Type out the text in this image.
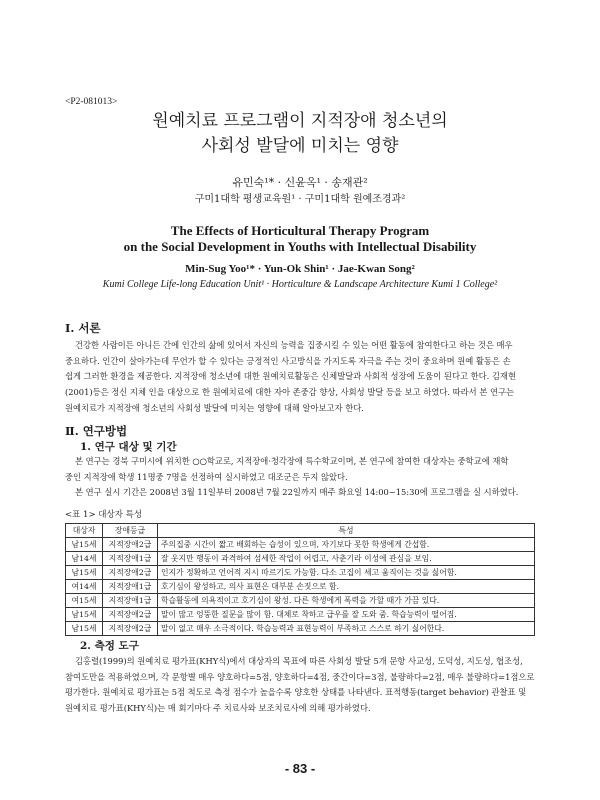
<P2-081013>
원예치료 프로그램이 지적장애 청소년의
사회성 발달에 미치는 영향
유민숙¹* · 신윤옥¹ · 송재관²
구미1대학 평생교육원¹ · 구미1대학 원예조경과²
The Effects of Horticultural Therapy Program
on the Social Development in Youths with Intellectual Disability
Min-Sug Yoo¹* · Yun-Ok Shin¹ · Jae-Kwan Song²
Kumi College Life-long Education Unit¹ · Horticulture & Landscape Architecture Kumi 1 College²
Ⅰ. 서론
건강한 사람이든 아니든 간에 인간의 삶에 있어서 자신의 능력을 집중시킬 수 있는 어떤 활동에 참여한다고 하는 것은 매우
중요하다. 인간이 살아가는데 무언가 할 수 있다는 긍정적인 사고방식을 가지도록 자극을 주는 것이 중요하며 원예 활동은 손
쉽게 그러한 환경을 제공한다. 지적장애 청소년에 대한 원예치료활동은 신체발달과 사회적 성장에 도움이 된다고 한다. 김재현
(2001)등은 정신 지체 인을 대상으로 한 원예치료에 대한 자아 존중감 향상, 사회성 발달 등을 보고 하였다. 따라서 본 연구는
원예치료가 지적장애 청소년의 사회성 발달에 미치는 영향에 대해 알아보고자 한다.
Ⅱ. 연구방법
1. 연구 대상 및 기간
본 연구는 경북 구미시에 위치한 ○○학교로, 지적장애·청각장애 특수학교이며, 본 연구에 참여한 대상자는 중학교에 재학
중인 지적장애 학생 11명중 7명을 선정하여 실시하였고 대조군은 두지 않았다.
본 연구 실시 기간은 2008년 3월 11일부터 2008년 7월 22일까지 매주 화요일 14:00~15:30에 프로그램을 실 시하였다.
<표 1> 대상자 특성
대상자	장애등급	특성
남15세	지적장애2급	주의집중 시간이 짧고 배회하는 습성이 있으며, 자기보다 못한 학생에게 간섭함.
남14세	지적장애1급	잘 웃지만 행동이 과격하여 섬세한 작업이 어렵고, 사춘기라 이성에 관심을 보임.
남15세	지적장애2급	인지가 정확하고 언어적 지시 따르기도 가능함. 다소 고집이 세고 움직이는 것을 싫어함.
여14세	지적장애1급	호기심이 왕성하고, 의사 표현은 대부분 손짓으로 함.
여15세	지적장애1급	학습활동에 의욕적이고 호기심이 왕성. 다른 학생에게 폭력을 가할 때가 가끔 있다.
남15세	지적장애2급	말이 많고 엉뚱한 질문을 많이 함. 대체로 착하고 급우를 잘 도와 줌. 학습능력이 떨어짐.
남15세	지적장애2급	말이 없고 매우 소극적이다. 학습능력과 표현능력이 부족하고 스스로 하기 싫어한다.
2. 측정 도구
김홍렬(1999)의 원예치료 평가표(KHY식)에서 대상자의 목표에 따른 사회성 발달 5개 문항 사교성, 도덕성, 지도성, 협조성,
참여도만을 적용하였으며, 각 문항별 매우 양호하다=5점, 양호하다=4점, 중간이다=3점, 불량하다=2점, 매우 불량하다=1점으로
평가한다. 원예치료 평가표는 5점 척도로 측정 점수가 높을수록 양호한 상태를 나타낸다. 표적행동(target behavior) 관찰표 및
원예치료 평가표(KHY식)는 매 회기마다 주 치료사와 보조치료사에 의해 평가하였다.
- 83 -
